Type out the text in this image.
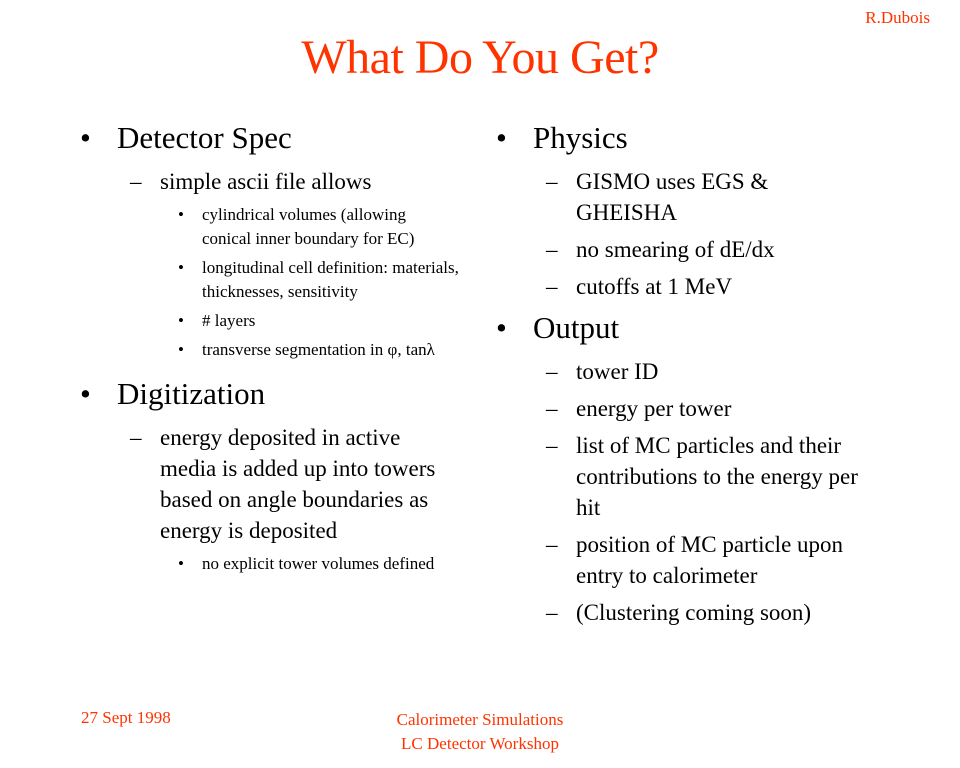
R.Dubois
What Do You Get?
• Detector Spec
– simple ascii file allows
• cylindrical volumes (allowing conical inner boundary for EC)
• longitudinal cell definition: materials, thicknesses, sensitivity
• # layers
• transverse segmentation in φ, tanλ
• Digitization
– energy deposited in active media is added up into towers based on angle boundaries as energy is deposited
• no explicit tower volumes defined
• Physics
– GISMO uses EGS & GHEISHA
– no smearing of dE/dx
– cutoffs at 1 MeV
• Output
– tower ID
– energy per tower
– list of MC particles and their contributions to the energy per hit
– position of MC particle upon entry to calorimeter
– (Clustering coming soon)
27 Sept 1998	Calorimeter Simulations
LC Detector Workshop
